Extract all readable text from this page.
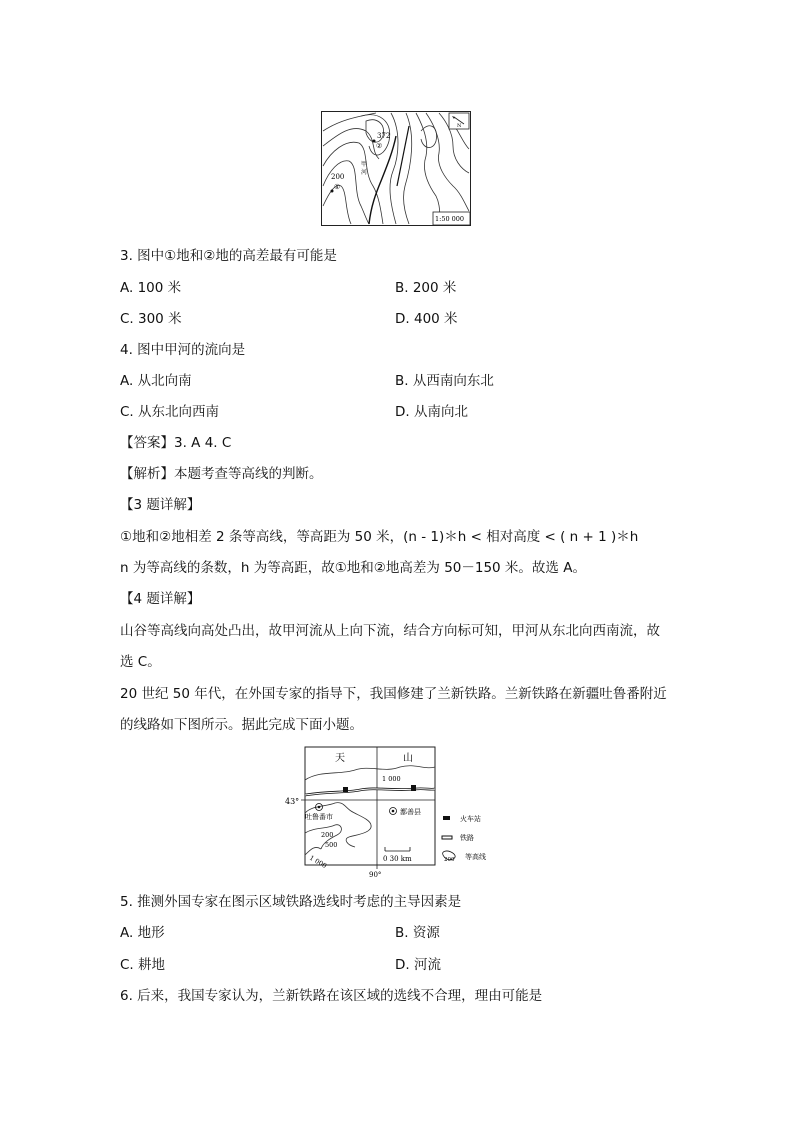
N
372
②
甲
河
200
①
1:50 000
3. 图中①地和②地的高差最有可能是
A. 100 米	B. 200 米
C. 300 米	D. 400 米
4. 图中甲河的流向是
A. 从北向南	B. 从西南向东北
C. 从东北向西南	D. 从南向北
【答案】3. A 4. C
【解析】本题考查等高线的判断。
【3 题详解】
①地和②地相差 2 条等高线，等高距为 50 米，(n - 1)＊h < 相对高度 < ( n + 1 )＊h
n 为等高线的条数，h 为等高距，故①地和②地高差为 50－150 米。故选 A。
【4 题详解】
山谷等高线向高处凸出，故甲河流从上向下流，结合方向标可知，甲河从东北向西南流，故
选 C。
20 世纪 50 年代，在外国专家的指导下，我国修建了兰新铁路。兰新铁路在新疆吐鲁番附近
的线路如下图所示。据此完成下面小题。
天	山
1 000
43°
吐鲁番市
鄯善县
200
500
1 000	0 30 km
90°
火车站
铁路
200 等高线
5. 推测外国专家在图示区域铁路选线时考虑的主导因素是
A. 地形	B. 资源
C. 耕地	D. 河流
6. 后来，我国专家认为，兰新铁路在该区域的选线不合理，理由可能是
